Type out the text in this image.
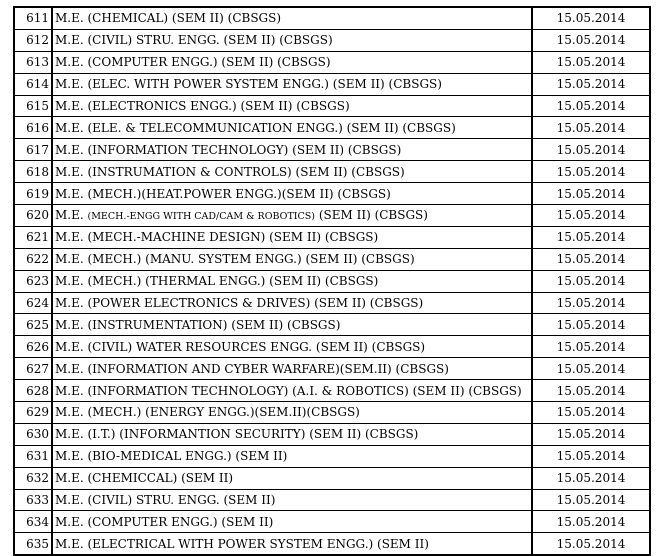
611	M.E. (CHEMICAL) (SEM II) (CBSGS)	15.05.2014
612	M.E. (CIVIL) STRU. ENGG. (SEM II) (CBSGS)	15.05.2014
613	M.E. (COMPUTER ENGG.) (SEM II) (CBSGS)	15.05.2014
614	M.E. (ELEC. WITH POWER SYSTEM ENGG.) (SEM II) (CBSGS)	15.05.2014
615	M.E. (ELECTRONICS ENGG.) (SEM II) (CBSGS)	15.05.2014
616	M.E. (ELE. & TELECOMMUNICATION ENGG.) (SEM II) (CBSGS)	15.05.2014
617	M.E. (INFORMATION TECHNOLOGY) (SEM II) (CBSGS)	15.05.2014
618	M.E. (INSTRUMATION & CONTROLS) (SEM II) (CBSGS)	15.05.2014
619	M.E. (MECH.)(HEAT.POWER ENGG.)(SEM II) (CBSGS)	15.05.2014
620	M.E. (MECH.-ENGG WITH CAD/CAM & ROBOTICS) (SEM II) (CBSGS)	15.05.2014
621	M.E. (MECH.-MACHINE DESIGN) (SEM II) (CBSGS)	15.05.2014
622	M.E. (MECH.) (MANU. SYSTEM ENGG.) (SEM II) (CBSGS)	15.05.2014
623	M.E. (MECH.) (THERMAL ENGG.) (SEM II) (CBSGS)	15.05.2014
624	M.E. (POWER ELECTRONICS & DRIVES) (SEM II) (CBSGS)	15.05.2014
625	M.E. (INSTRUMENTATION) (SEM II) (CBSGS)	15.05.2014
626	M.E. (CIVIL) WATER RESOURCES ENGG. (SEM II) (CBSGS)	15.05.2014
627	M.E. (INFORMATION AND CYBER WARFARE)(SEM.II) (CBSGS)	15.05.2014
628	M.E. (INFORMATION TECHNOLOGY) (A.I. & ROBOTICS) (SEM II) (CBSGS)	15.05.2014
629	M.E. (MECH.) (ENERGY ENGG.)(SEM.II)(CBSGS)	15.05.2014
630	M.E. (I.T.) (INFORMANTION SECURITY) (SEM II) (CBSGS)	15.05.2014
631	M.E. (BIO-MEDICAL ENGG.) (SEM II)	15.05.2014
632	M.E. (CHEMICCAL) (SEM II)	15.05.2014
633	M.E. (CIVIL) STRU. ENGG. (SEM II)	15.05.2014
634	M.E. (COMPUTER ENGG.) (SEM II)	15.05.2014
635	M.E. (ELECTRICAL WITH POWER SYSTEM ENGG.) (SEM II)	15.05.2014
